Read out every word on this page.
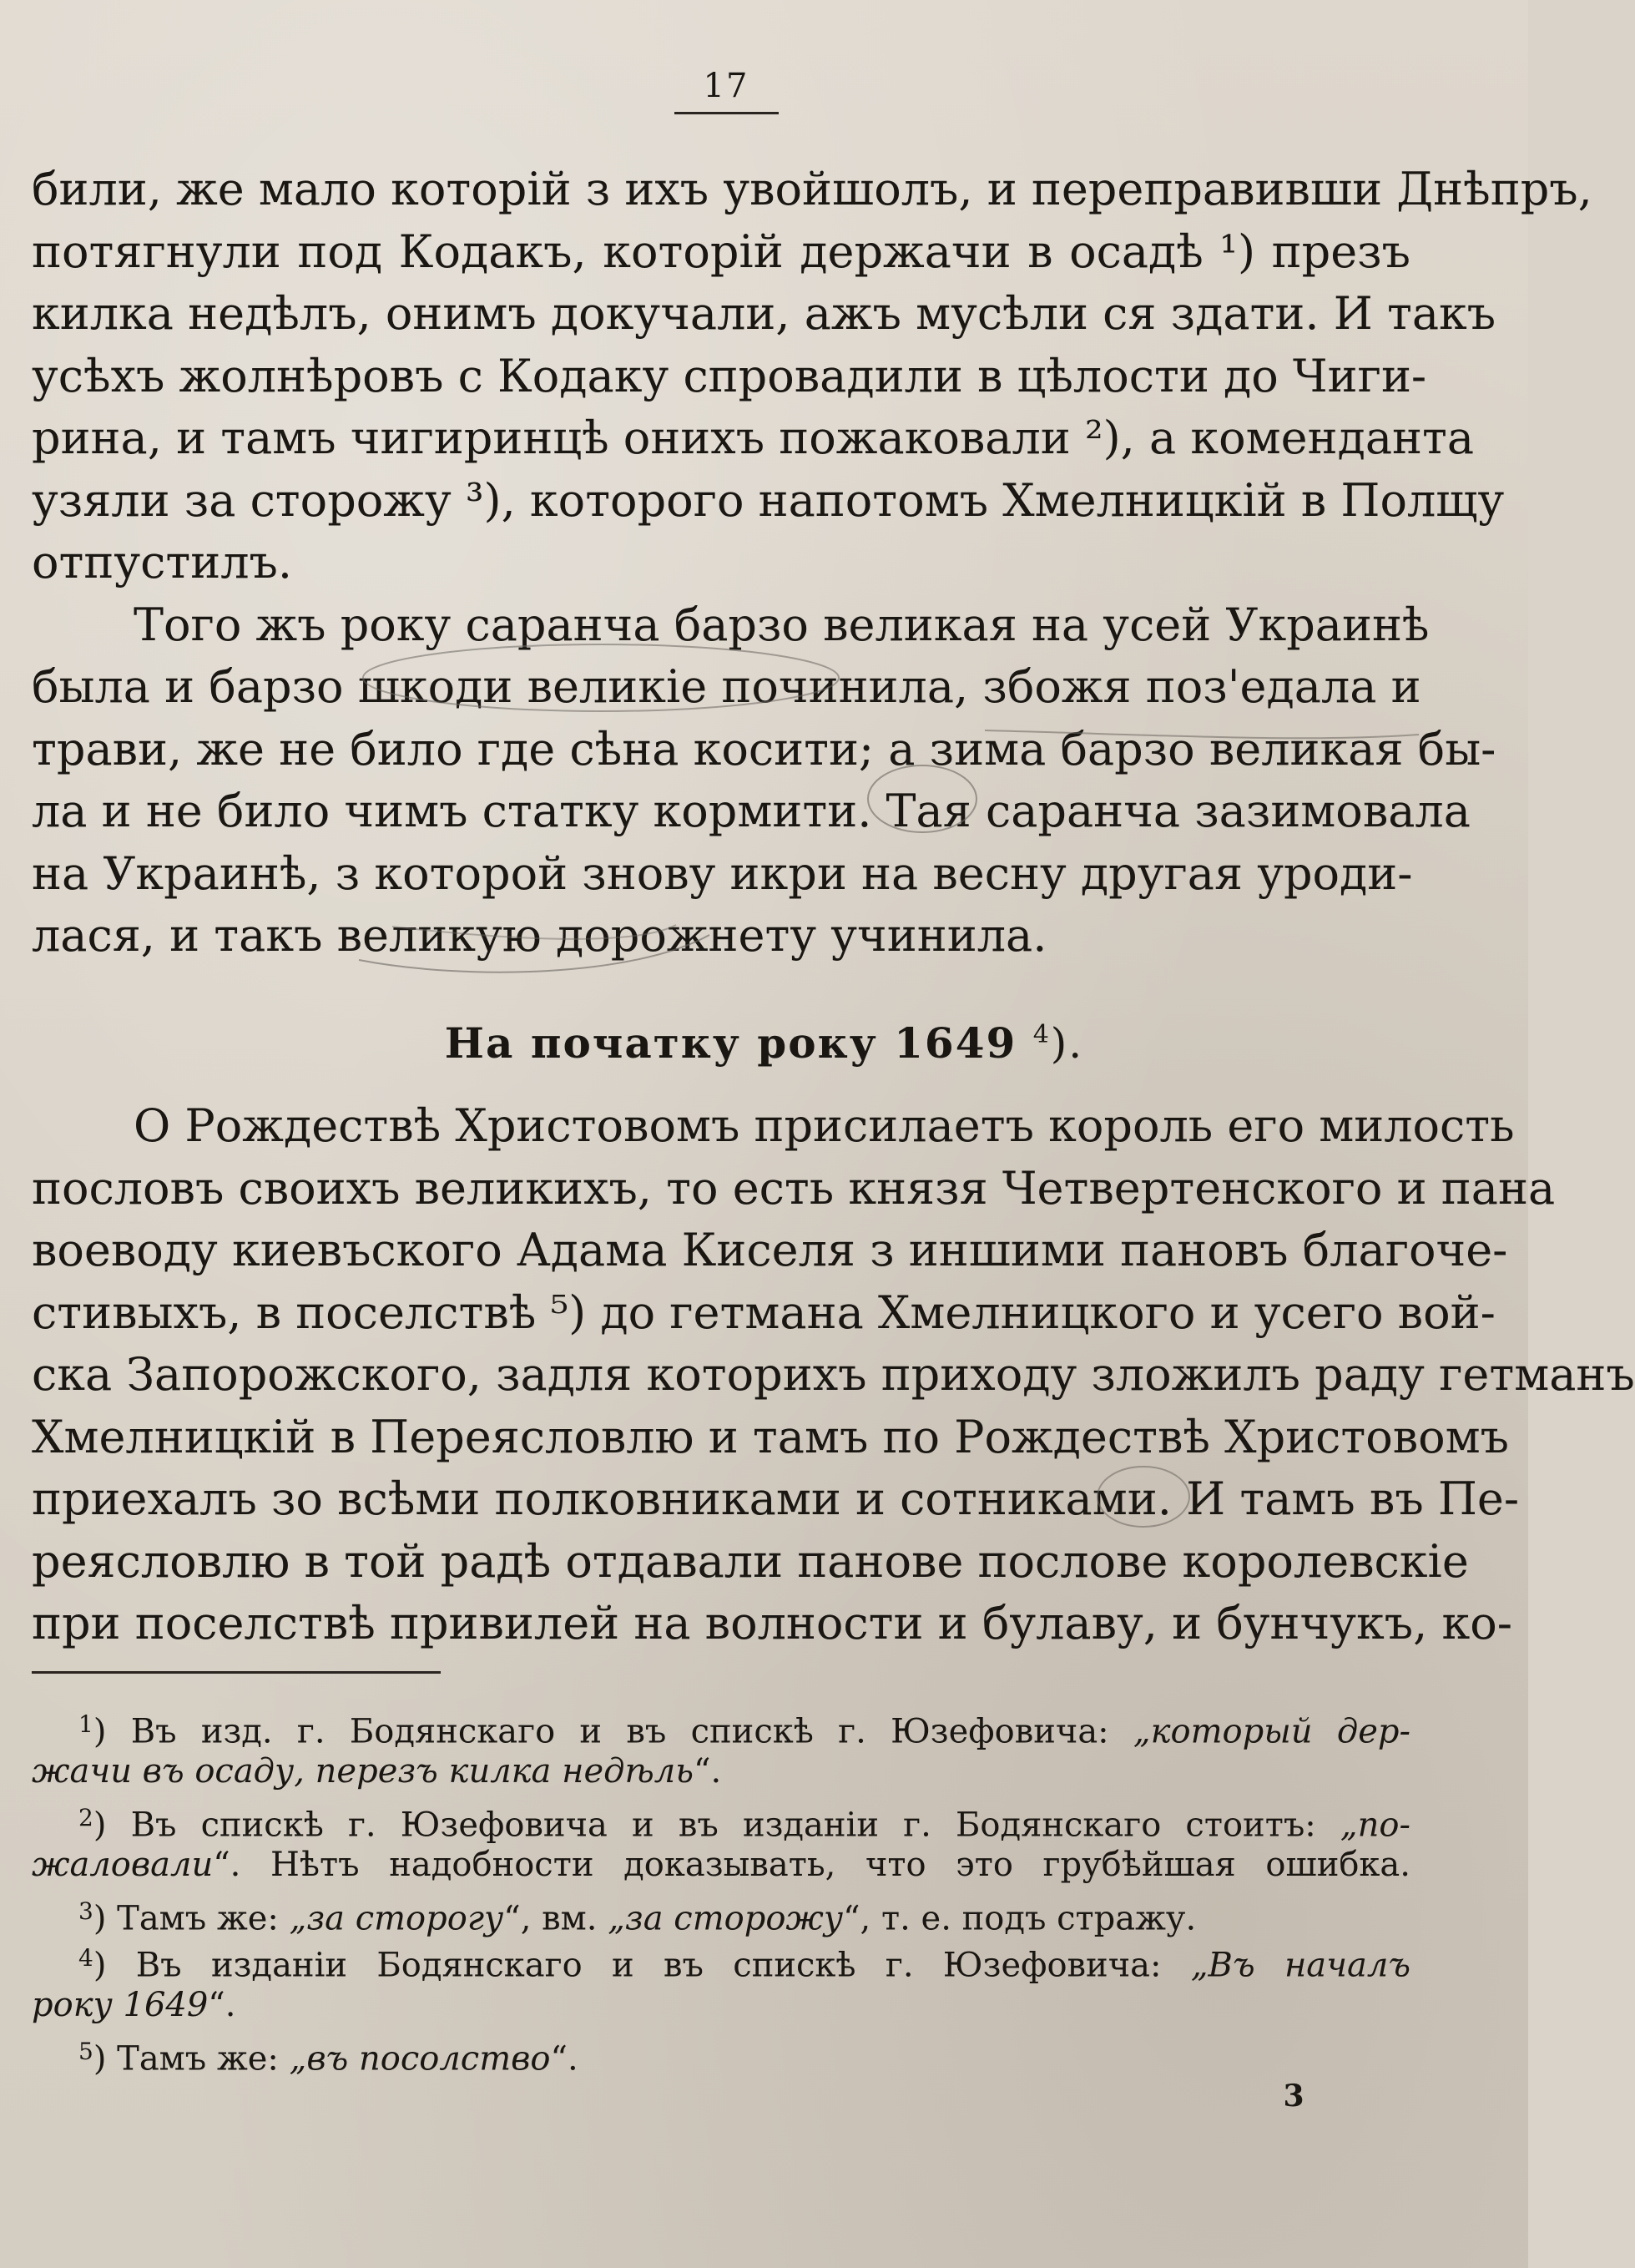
17
били, же мало которій з ихъ увойшолъ, и переправивши Днѣпръ,
потягнули под Кодакъ, которій держачи в осадѣ ¹) презъ
килка недѣлъ, онимъ докучали, ажъ мусѣли ся здати. И такъ
усѣхъ жолнѣровъ с Кодаку спровадили в цѣлости до Чиги-
рина, и тамъ чигиринцѣ онихъ пожаковали ²), а коменданта
узяли за сторожу ³), которого напотомъ Хмелницкій в Полщу
отпустилъ.
Того жъ року саранча барзо великая на усей Украинѣ
была и барзо шкоди великіе починила, збожя поз'едала и
трави, же не било где сѣна косити; а зима барзо великая бы-
ла и не било чимъ статку кормити. Тая саранча зазимовала
на Украинѣ, з которой знову икри на весну другая уроди-
лася, и такъ великую дорожнету учинила.
На початку року 1649 $^4$).
О Рождествѣ Христовомъ присилаетъ король его милость
пословъ своихъ великихъ, то есть князя Четвертенского и пана
воеводу киевъского Адама Киселя з иншими пановъ благоче-
стивыхъ, в поселствѣ ⁵) до гетмана Хмелницкого и усего вой-
ска Запорожского, задля которихъ приходу зложилъ раду гетманъ
Хмелницкій в Переясловлю и тамъ по Рождествѣ Христовомъ
приехалъ зо всѣми полковниками и сотниками. И тамъ въ Пе-
реясловлю в той радѣ отдавали панове послове королевскіе
при поселствѣ привилей на волности и булаву, и бунчукъ, ко-
$^1$) Въ изд. г. Бодянскаго и въ спискѣ г. Юзефовича: „который дер-
жачи въ осаду, перезъ килка недѣль“.
$^2$) Въ спискѣ г. Юзефовича и въ изданіи г. Бодянскаго стоитъ: „по-
жаловали“. Нѣтъ надобности доказывать, что это грубѣйшая ошибка.
$^3$) Тамъ же: „за сторогу“, вм. „за сторожу“, т. е. подъ стражу.
$^4$) Въ изданіи Бодянскаго и въ спискѣ г. Юзефовича: „Въ началъ
року 1649“.
$^5$) Тамъ же: „въ посолство“.
3
